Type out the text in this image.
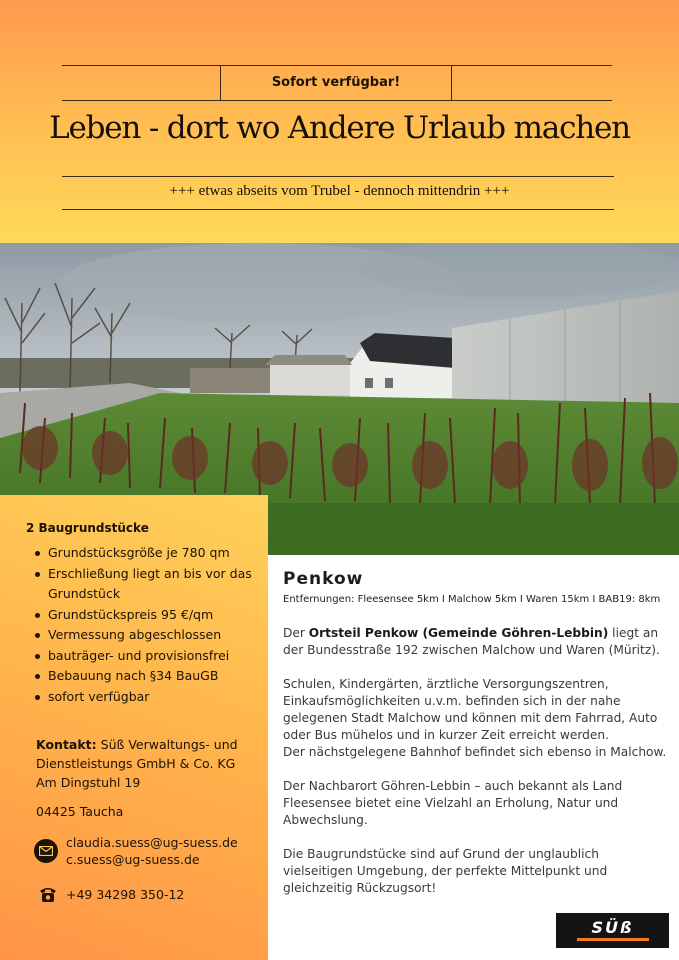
Sofort verfügbar!
Leben - dort wo Andere Urlaub machen
+++ etwas abseits vom Trubel - dennoch mittendrin +++
2 Baugrundstücke
Grundstücksgröße je 780 qm
Erschließung liegt an bis vor das Grundstück
Grundstückspreis 95 €/qm
Vermessung abgeschlossen
bauträger- und provisionsfrei
Bebauung nach §34 BauGB
sofort verfügbar
Kontakt: Süß Verwaltungs- und Dienstleistungs GmbH & Co. KG
Am Dingstuhl 19
04425 Taucha
claudia.suess@ug-suess.de
c.suess@ug-suess.de
+49 34298 350-12
Penkow
Entfernungen: Fleesensee 5km I Malchow 5km I Waren 15km I BAB19: 8km

Der Ortsteil Penkow (Gemeinde Göhren-Lebbin) liegt an der Bundesstraße 192 zwischen Malchow und Waren (Müritz).

Schulen, Kindergärten, ärztliche Versorgungszentren, Einkaufsmöglichkeiten u.v.m. befinden sich in der nahe gelegenen Stadt Malchow und können mit dem Fahrrad, Auto oder Bus mühelos und in kurzer Zeit erreicht werden.
Der nächstgelegene Bahnhof befindet sich ebenso in Malchow.

Der Nachbarort Göhren-Lebbin – auch bekannt als Land Fleesensee bietet eine Vielzahl an Erholung, Natur und Abwechslung.

Die Baugrundstücke sind auf Grund der unglaublich vielseitigen Umgebung, der perfekte Mittelpunkt und gleichzeitig Rückzugsort!

SÜß
